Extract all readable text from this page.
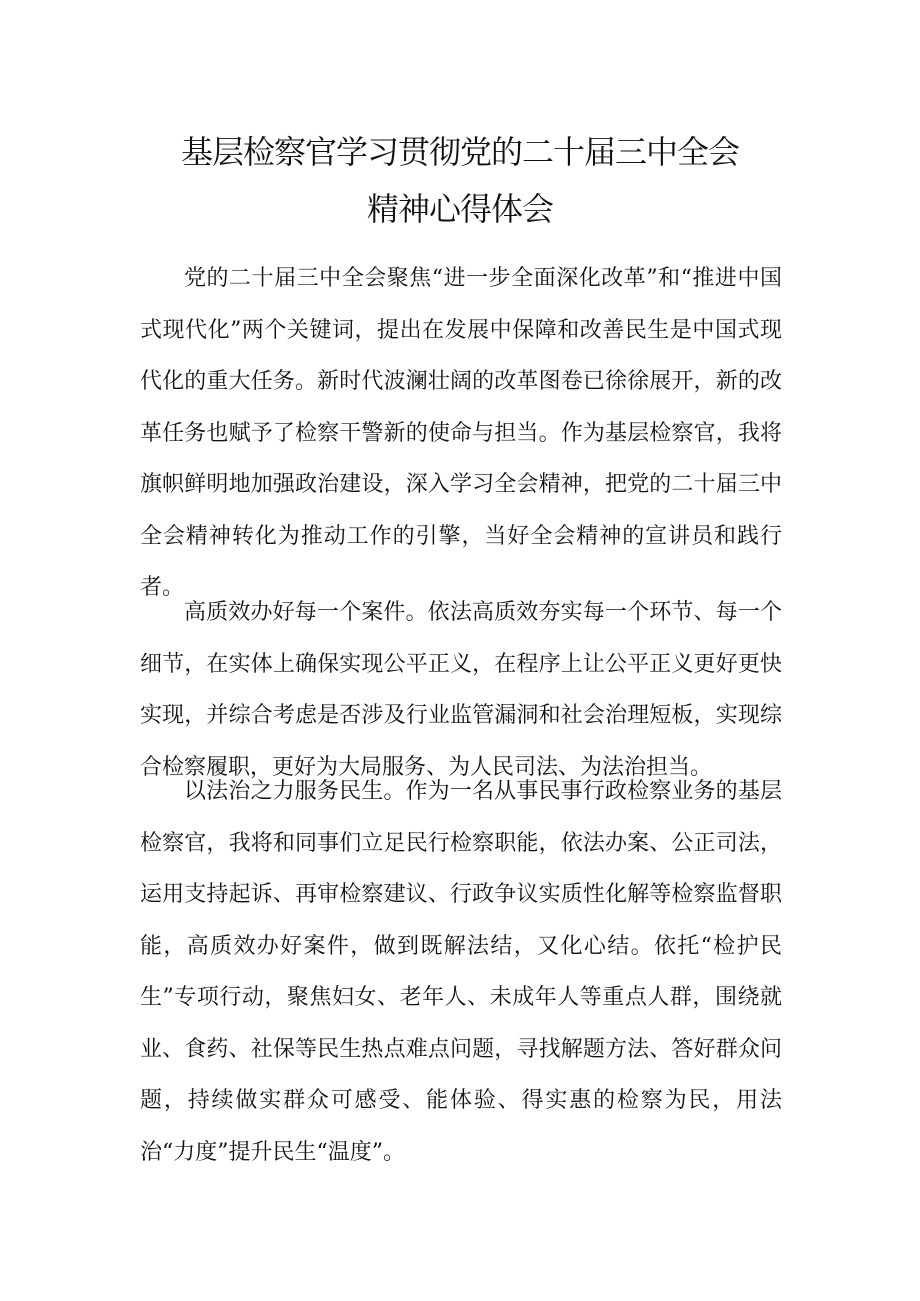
基层检察官学习贯彻党的二十届三中全会
精神心得体会

党的二十届三中全会聚焦“进一步全面深化改革”和“推进中国式现代化”两个关键词，提出在发展中保障和改善民生是中国式现代化的重大任务。新时代波澜壮阔的改革图卷已徐徐展开，新的改革任务也赋予了检察干警新的使命与担当。作为基层检察官，我将旗帜鲜明地加强政治建设，深入学习全会精神，把党的二十届三中全会精神转化为推动工作的引擎，当好全会精神的宣讲员和践行者。

高质效办好每一个案件。依法高质效夯实每一个环节、每一个细节，在实体上确保实现公平正义，在程序上让公平正义更好更快实现，并综合考虑是否涉及行业监管漏洞和社会治理短板，实现综合检察履职，更好为大局服务、为人民司法、为法治担当。

以法治之力服务民生。作为一名从事民事行政检察业务的基层检察官，我将和同事们立足民行检察职能，依法办案、公正司法，运用支持起诉、再审检察建议、行政争议实质性化解等检察监督职能，高质效办好案件，做到既解法结，又化心结。依托“检护民生”专项行动，聚焦妇女、老年人、未成年人等重点人群，围绕就业、食药、社保等民生热点难点问题，寻找解题方法、答好群众问题，持续做实群众可感受、能体验、得实惠的检察为民，用法治“力度”提升民生“温度”。
